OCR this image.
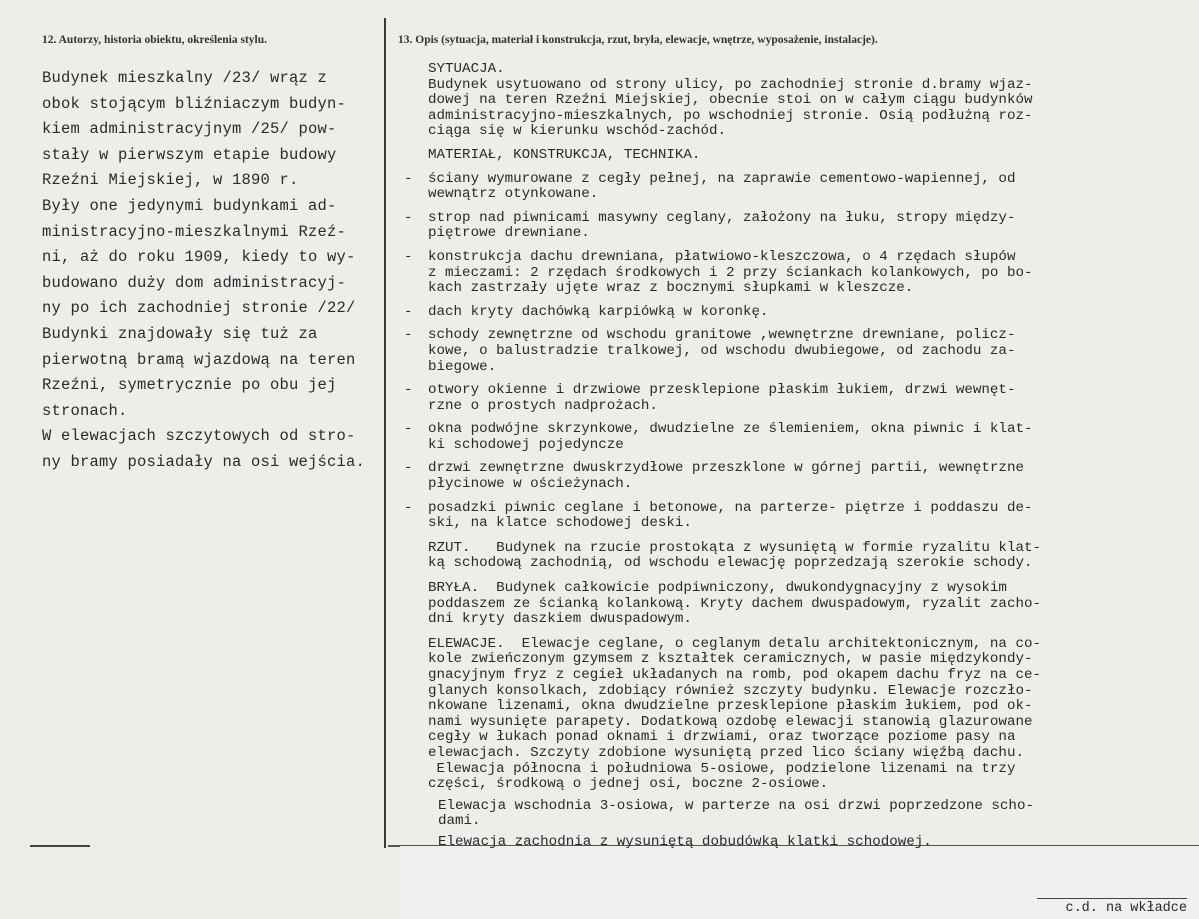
12. Autorzy, historia obiektu, określenia stylu.	13. Opis (sytuacja, materiał i konstrukcja, rzut, bryła, elewacje, wnętrze, wyposażenie, instalacje).

Budynek mieszkalny /23/ wrąz z

obok stojącym bliźniaczym budyn-

kiem administracyjnym /25/ pow-

stały w pierwszym etapie budowy

Rzeźni Miejskiej, w 1890 r.

Były one jedynymi budynkami ad-

ministracyjno-mieszkalnymi Rzeź-

ni, aż do roku 1909, kiedy to wy-

budowano duży dom administracyj-

ny po ich zachodniej stronie /22/

Budynki znajdowały się tuż za

pierwotną bramą wjazdową na teren

Rzeźni, symetrycznie po obu jej

stronach.

W elewacjach szczytowych od stro-

ny bramy posiadały na osi wejścia.

SYTUACJA.
Budynek usytuowano od strony ulicy, po zachodniej stronie d.bramy wjaz-
dowej na teren Rzeźni Miejskiej, obecnie stoi on w całym ciągu budynków
administracyjno-mieszkalnych, po wschodniej stronie. Osią podłużną roz-
ciąga się w kierunku wschód-zachód.
MATERIAŁ, KONSTRUKCJA, TECHNIKA.
-	ściany wymurowane z cegły pełnej, na zaprawie cementowo-wapiennej, od
wewnątrz otynkowane.
-	strop nad piwnicami masywny ceglany, założony na łuku, stropy między-
piętrowe drewniane.
-	konstrukcja dachu drewniana, płatwiowo-kleszczowa, o 4 rzędach słupów
z mieczami: 2 rzędach środkowych i 2 przy ściankach kolankowych, po bo-
kach zastrzały ujęte wraz z bocznymi słupkami w kleszcze.
-	dach kryty dachówką karpiówką w koronkę.
-	schody zewnętrzne od wschodu granitowe ,wewnętrzne drewniane, policz-
kowe, o balustradzie tralkowej, od wschodu dwubiegowe, od zachodu za-
biegowe.
-	otwory okienne i drzwiowe przesklepione płaskim łukiem, drzwi wewnęt-
rzne o prostych nadprożach.
-	okna podwójne skrzynkowe, dwudzielne ze ślemieniem, okna piwnic i klat-
ki schodowej pojedyncze
-	drzwi zewnętrzne dwuskrzydłowe przeszklone w górnej partii, wewnętrzne
płycinowe w ościeżynach.
-	posadzki piwnic ceglane i betonowe, na parterze- piętrze i poddaszu de-
ski, na klatce schodowej deski.
RZUT.   Budynek na rzucie prostokąta z wysuniętą w formie ryzalitu klat-
ką schodową zachodnią, od wschodu elewację poprzedzają szerokie schody.
BRYŁA.  Budynek całkowicie podpiwniczony, dwukondygnacyjny z wysokim
poddaszem ze ścianką kolankową. Kryty dachem dwuspadowym, ryzalit zacho-
dni kryty daszkiem dwuspadowym.
ELEWACJE.  Elewacje ceglane, o ceglanym detalu architektonicznym, na co-
kole zwieńczonym gzymsem z kształtek ceramicznych, w pasie międzykondy-
gnacyjnym fryz z cegieł układanych na romb, pod okapem dachu fryz na ce-
glanych konsolkach, zdobiący również szczyty budynku. Elewacje rozczło-
nkowane lizenami, okna dwudzielne przesklepione płaskim łukiem, pod ok-
nami wysunięte parapety. Dodatkową ozdobę elewacji stanowią glazurowane
cegły w łukach ponad oknami i drzwiami, oraz tworzące poziome pasy na
elewacjach. Szczyty zdobione wysuniętą przed lico ściany więźbą dachu.
Elewacja północna i południowa 5-osiowe, podzielone lizenami na trzy
części, środkową o jednej osi, boczne 2-osiowe.
Elewacja wschodnia 3-osiowa, w parterze na osi drzwi poprzedzone scho-
dami.
Elewacja zachodnia z wysuniętą dobudówką klatki schodowej.
c.d. na wkładce
